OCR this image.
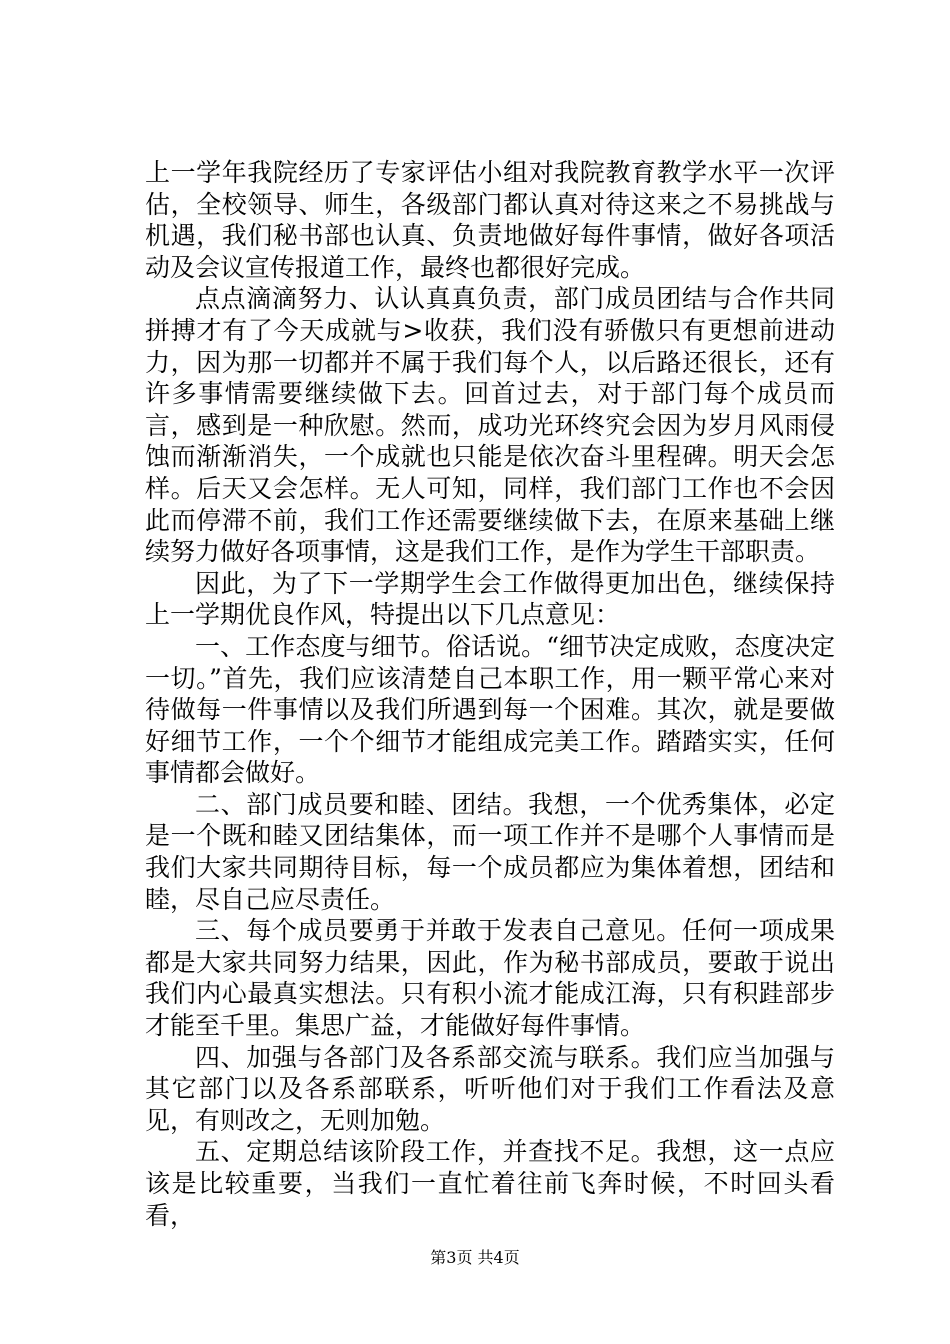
上一学年我院经历了专家评估小组对我院教育教学水平一次评估，全校领导、师生，各级部门都认真对待这来之不易挑战与机遇，我们秘书部也认真、负责地做好每件事情，做好各项活动及会议宣传报道工作，最终也都很好完成。

点点滴滴努力、认认真真负责，部门成员团结与合作共同拼搏才有了今天成就与>收获，我们没有骄傲只有更想前进动力，因为那一切都并不属于我们每个人，以后路还很长，还有许多事情需要继续做下去。回首过去，对于部门每个成员而言，感到是一种欣慰。然而，成功光环终究会因为岁月风雨侵蚀而渐渐消失，一个成就也只能是依次奋斗里程碑。明天会怎样。后天又会怎样。无人可知，同样，我们部门工作也不会因此而停滞不前，我们工作还需要继续做下去，在原来基础上继续努力做好各项事情，这是我们工作，是作为学生干部职责。

因此，为了下一学期学生会工作做得更加出色，继续保持上一学期优良作风，特提出以下几点意见：

一、工作态度与细节。俗话说。“细节决定成败，态度决定一切。”首先，我们应该清楚自己本职工作，用一颗平常心来对待做每一件事情以及我们所遇到每一个困难。其次，就是要做好细节工作，一个个细节才能组成完美工作。踏踏实实，任何事情都会做好。

二、部门成员要和睦、团结。我想，一个优秀集体，必定是一个既和睦又团结集体，而一项工作并不是哪个人事情而是我们大家共同期待目标，每一个成员都应为集体着想，团结和睦，尽自己应尽责任。

三、每个成员要勇于并敢于发表自己意见。任何一项成果都是大家共同努力结果，因此，作为秘书部成员，要敢于说出我们内心最真实想法。只有积小流才能成江海，只有积跬部步才能至千里。集思广益，才能做好每件事情。

四、加强与各部门及各系部交流与联系。我们应当加强与其它部门以及各系部联系，听听他们对于我们工作看法及意见，有则改之，无则加勉。

五、定期总结该阶段工作，并查找不足。我想，这一点应该是比较重要，当我们一直忙着往前飞奔时候，不时回头看看，

第3页 共4页
